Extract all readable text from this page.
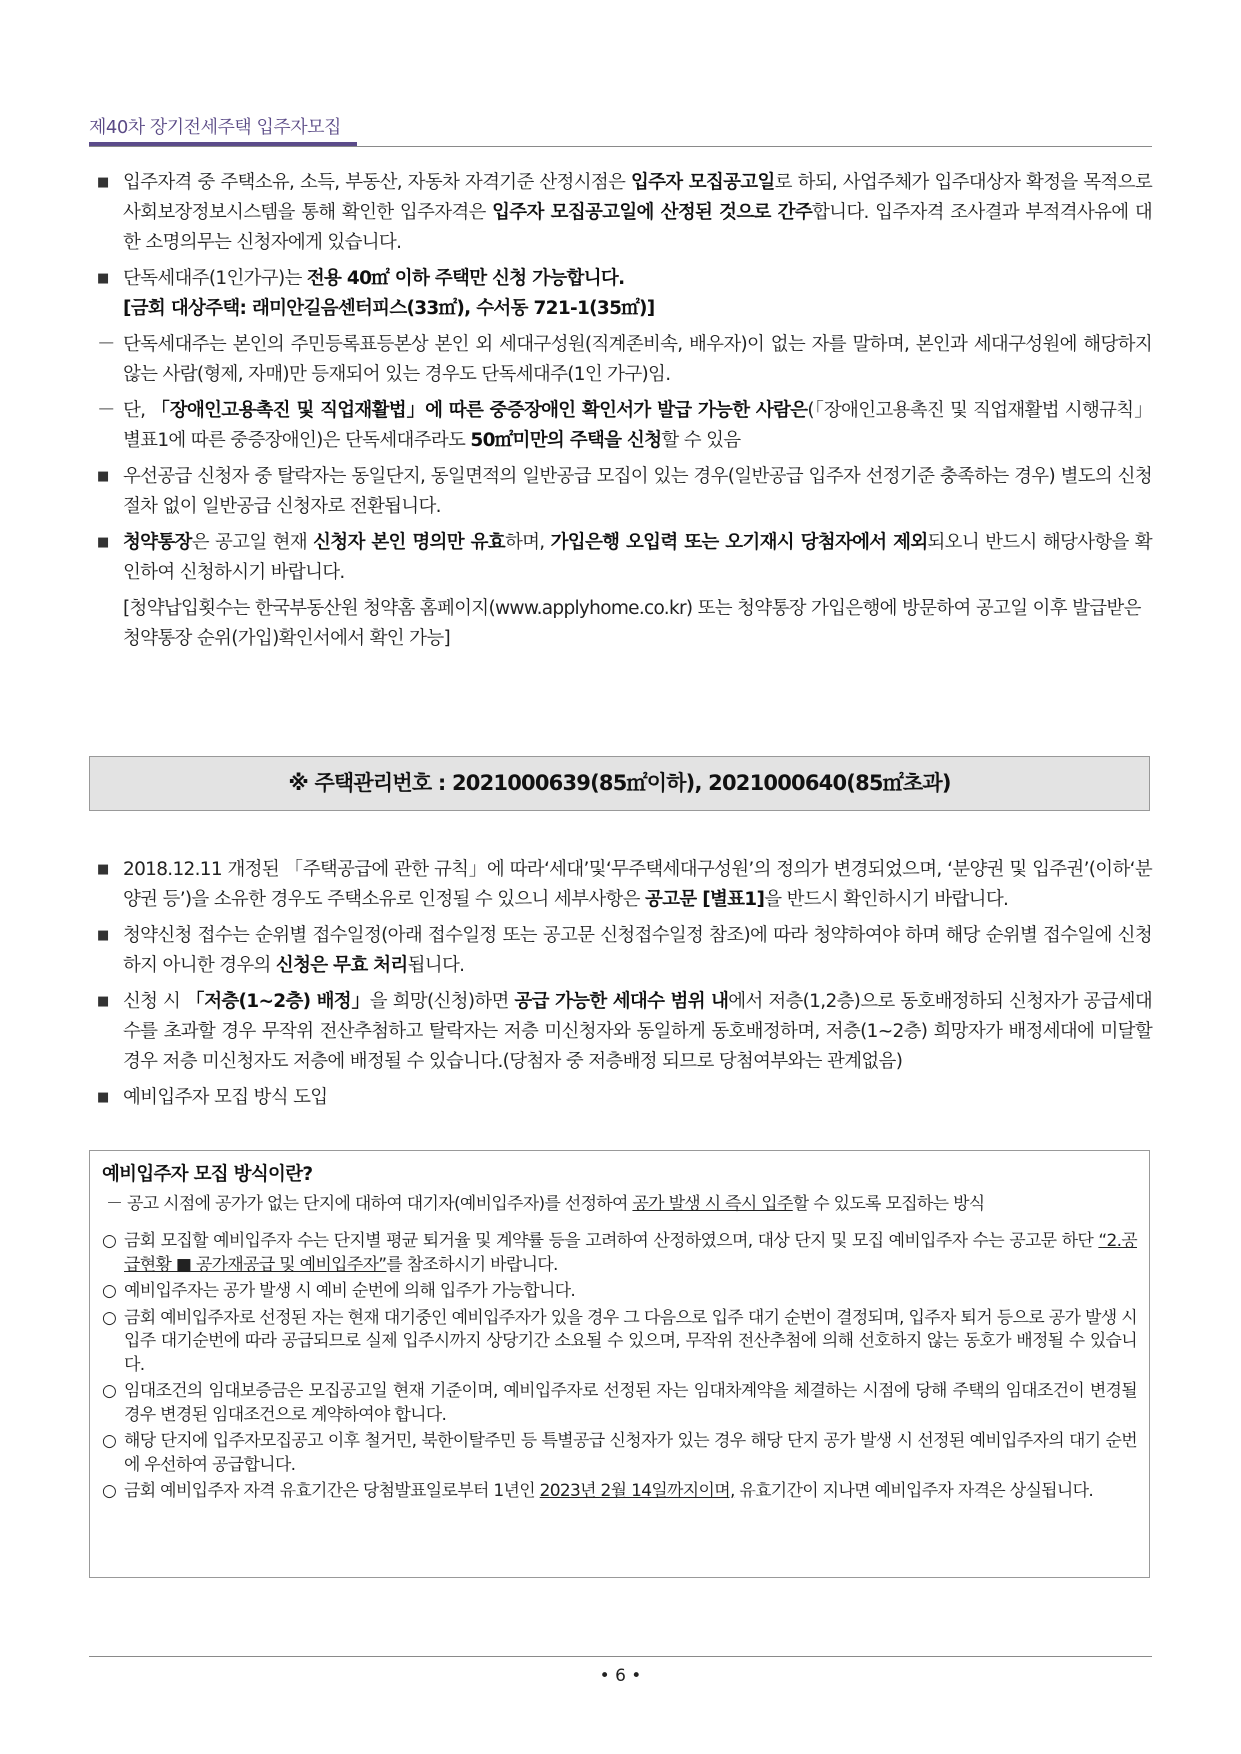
제40차 장기전세주택 입주자모집
■ 입주자격 중 주택소유, 소득, 부동산, 자동차 자격기준 산정시점은 입주자 모집공고일로 하되, 사업주체가 입주대상자 확정을 목적으로 사회보장정보시스템을 통해 확인한 입주자격은 입주자 모집공고일에 산정된 것으로 간주합니다. 입주자격 조사결과 부적격사유에 대한 소명의무는 신청자에게 있습니다.
■ 단독세대주(1인가구)는 전용 40㎡ 이하 주택만 신청 가능합니다.
[금회 대상주택: 래미안길음센터피스(33㎡), 수서동 721-1(35㎡)]
－ 단독세대주는 본인의 주민등록표등본상 본인 외 세대구성원(직계존비속, 배우자)이 없는 자를 말하며, 본인과 세대구성원에 해당하지 않는 사람(형제, 자매)만 등재되어 있는 경우도 단독세대주(1인 가구)임.
－ 단, 「장애인고용촉진 및 직업재활법」에 따른 중증장애인 확인서가 발급 가능한 사람은(「장애인고용촉진 및 직업재활법 시행규칙」 별표1에 따른 중증장애인)은 단독세대주라도 50㎡미만의 주택을 신청할 수 있음
■ 우선공급 신청자 중 탈락자는 동일단지, 동일면적의 일반공급 모집이 있는 경우(일반공급 입주자 선정기준 충족하는 경우) 별도의 신청절차 없이 일반공급 신청자로 전환됩니다.
■ 청약통장은 공고일 현재 신청자 본인 명의만 유효하며, 가입은행 오입력 또는 오기재시 당첨자에서 제외되오니 반드시 해당사항을 확인하여 신청하시기 바랍니다.
[청약납입횟수는 한국부동산원 청약홈 홈페이지(www.applyhome.co.kr) 또는 청약통장 가입은행에 방문하여 공고일 이후 발급받은 청약통장 순위(가입)확인서에서 확인 가능]
※ 주택관리번호 : 2021000639(85㎡이하), 2021000640(85㎡초과)
■ 2018.12.11 개정된 「주택공급에 관한 규칙」에 따라‘세대’및‘무주택세대구성원’의 정의가 변경되었으며, ‘분양권 및 입주권’(이하‘분양권 등’)을 소유한 경우도 주택소유로 인정될 수 있으니 세부사항은 공고문 [별표1]을 반드시 확인하시기 바랍니다.
■ 청약신청 접수는 순위별 접수일정(아래 접수일정 또는 공고문 신청접수일정 참조)에 따라 청약하여야 하며 해당 순위별 접수일에 신청하지 아니한 경우의 신청은 무효 처리됩니다.
■ 신청 시 「저층(1~2층) 배정」을 희망(신청)하면 공급 가능한 세대수 범위 내에서 저층(1,2층)으로 동호배정하되 신청자가 공급세대수를 초과할 경우 무작위 전산추첨하고 탈락자는 저층 미신청자와 동일하게 동호배정하며, 저층(1~2층) 희망자가 배정세대에 미달할 경우 저층 미신청자도 저층에 배정될 수 있습니다.(당첨자 중 저층배정 되므로 당첨여부와는 관계없음)
■ 예비입주자 모집 방식 도입
예비입주자 모집 방식이란?
－ 공고 시점에 공가가 없는 단지에 대하여 대기자(예비입주자)를 선정하여 공가 발생 시 즉시 입주할 수 있도록 모집하는 방식
○ 금회 모집할 예비입주자 수는 단지별 평균 퇴거율 및 계약률 등을 고려하여 산정하였으며, 대상 단지 및 모집 예비입주자 수는 공고문 하단 “2.공급현황 ■ 공가재공급 및 예비입주자”를 참조하시기 바랍니다.
○ 예비입주자는 공가 발생 시 예비 순번에 의해 입주가 가능합니다.
○ 금회 예비입주자로 선정된 자는 현재 대기중인 예비입주자가 있을 경우 그 다음으로 입주 대기 순번이 결정되며, 입주자 퇴거 등으로 공가 발생 시 입주 대기순번에 따라 공급되므로 실제 입주시까지 상당기간 소요될 수 있으며, 무작위 전산추첨에 의해 선호하지 않는 동호가 배정될 수 있습니다.
○ 임대조건의 임대보증금은 모집공고일 현재 기준이며, 예비입주자로 선정된 자는 임대차계약을 체결하는 시점에 당해 주택의 임대조건이 변경될 경우 변경된 임대조건으로 계약하여야 합니다.
○ 해당 단지에 입주자모집공고 이후 철거민, 북한이탈주민 등 특별공급 신청자가 있는 경우 해당 단지 공가 발생 시 선정된 예비입주자의 대기 순번에 우선하여 공급합니다.
○ 금회 예비입주자 자격 유효기간은 당첨발표일로부터 1년인 2023년 2월 14일까지이며, 유효기간이 지나면 예비입주자 자격은 상실됩니다.
• 6 •
